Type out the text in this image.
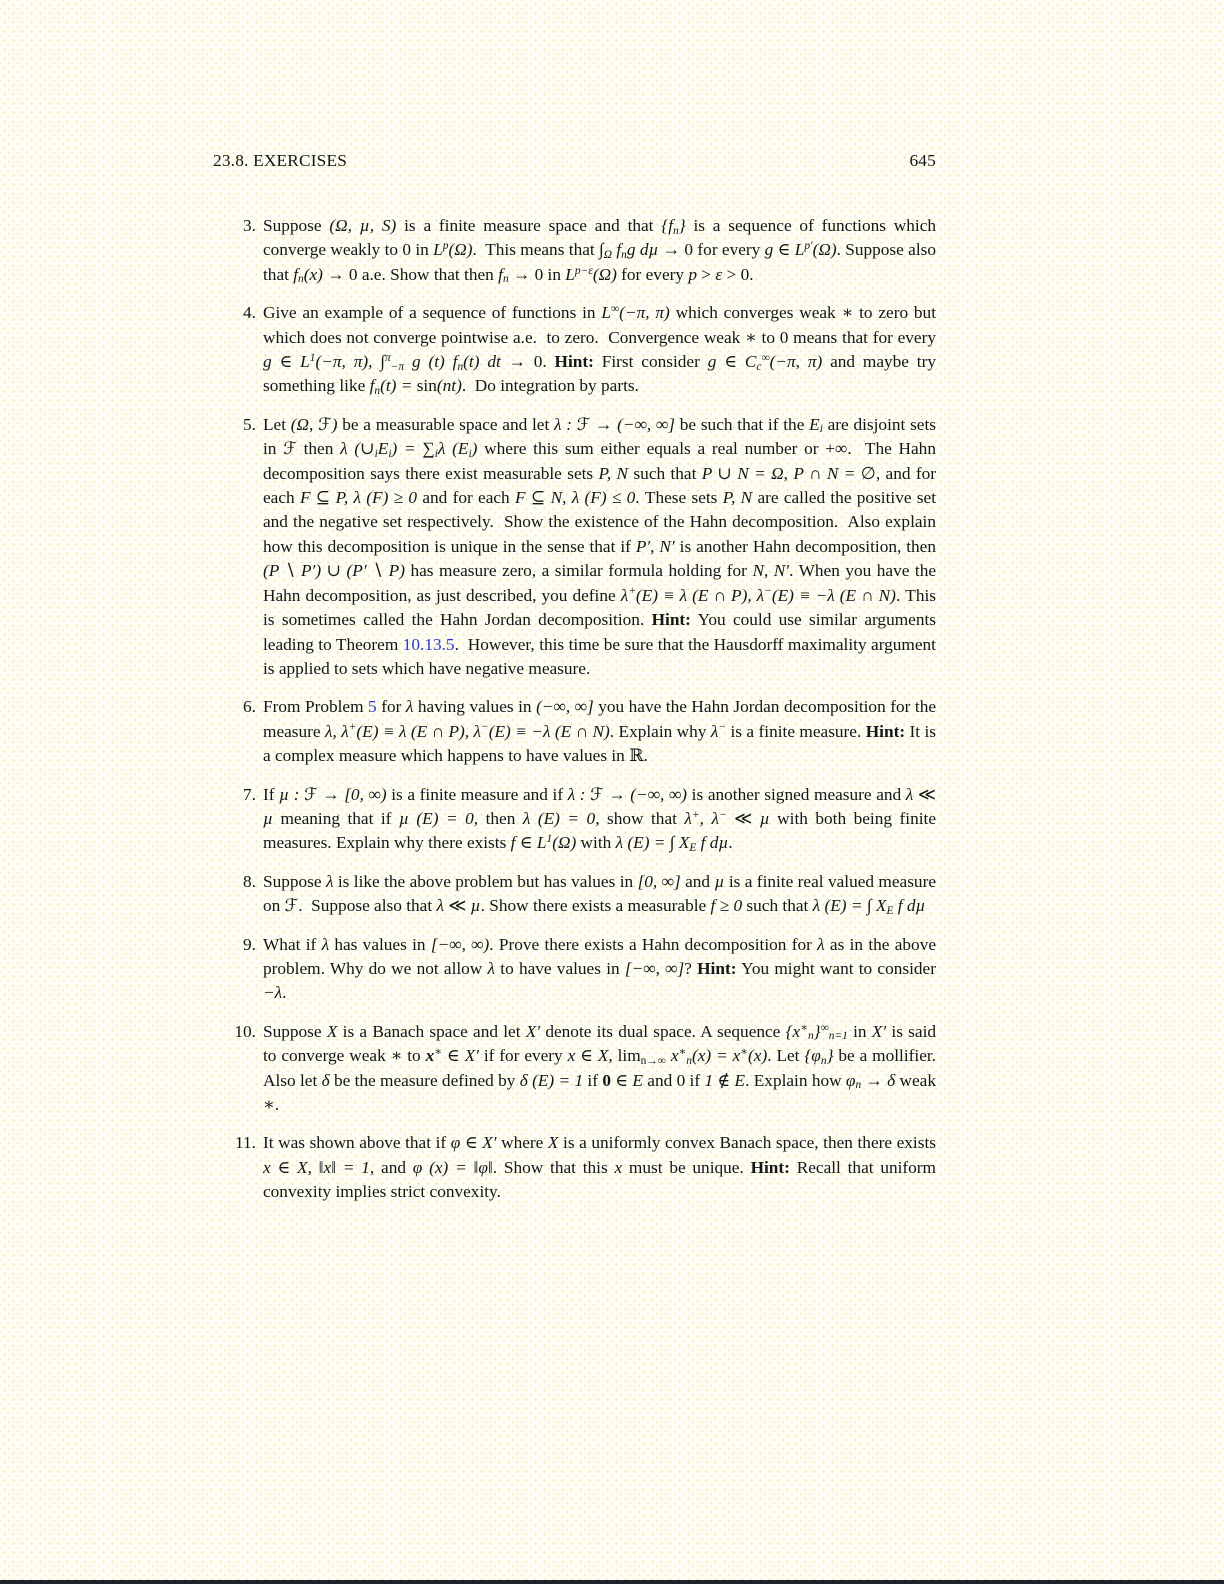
23.8. EXERCISES	645
3. Suppose (Ω, µ, S) is a finite measure space and that {fn} is a sequence of functions which converge weakly to 0 in $L^p(\Omega)$.  This means that ∫Ω fng dµ → 0 for every g ∈ $L^{p'}(\Omega)$. Suppose also that fn(x) → 0 a.e. Show that then fn → 0 in $L^{p-\varepsilon}(\Omega)$ for every p > ε > 0.
4. Give an example of a sequence of functions in L∞(−π, π) which converges weak ∗ to zero but which does not converge pointwise a.e.  to zero.  Convergence weak ∗ to 0 means that for every g ∈ $L^1(-\pi$, π), ∫$^\pi$−π g (t) fn(t) dt → 0. Hint: First consider g ∈ Cc∞(−π, π) and maybe try something like fn(t) = sin(nt).  Do integration by parts.
5. Let (Ω, ℱ) be a measurable space and let λ : ℱ → (−∞, ∞] be such that if the Ei are disjoint sets in ℱ then λ (∪iEi) = ∑iλ (Ei) where this sum either equals a real number or +∞.  The Hahn decomposition says there exist measurable sets P, N such that P ∪ N = Ω, P ∩ N = ∅, and for each F ⊆ P, λ (F) ≥ 0 and for each F ⊆ N, λ (F) ≤ 0. These sets P, N are called the positive set and the negative set respectively.  Show the existence of the Hahn decomposition.  Also explain how this decomposition is unique in the sense that if P′, N′ is another Hahn decomposition, then (P ∖ P′) ∪ (P′ ∖ P) has measure zero, a similar formula holding for N, N′. When you have the Hahn decomposition, as just described, you define λ+(E) ≡ λ (E ∩ P), λ−(E) ≡ −λ (E ∩ N). This is sometimes called the Hahn Jordan decomposition. Hint: You could use similar arguments leading to Theorem 10.13.5.  However, this time be sure that the Hausdorff maximality argument is applied to sets which have negative measure.
6. From Problem 5 for λ having values in (−∞, ∞] you have the Hahn Jordan decomposition for the measure λ, λ+(E) ≡ λ (E ∩ P), λ−(E) ≡ −λ (E ∩ N). Explain why λ− is a finite measure. Hint: It is a complex measure which happens to have values in ℝ.
7. If µ : ℱ → [0, ∞) is a finite measure and if λ : ℱ → (−∞, ∞) is another signed measure and λ ≪ µ meaning that if µ (E) = 0, then λ (E) = 0, show that λ+, λ− ≪ µ with both being finite measures. Explain why there exists f ∈ $L^1(\Omega)$ with λ (E) = ∫ XE f dµ.
8. Suppose λ is like the above problem but has values in [0, ∞] and µ is a finite real valued measure on ℱ.  Suppose also that λ ≪ µ. Show there exists a measurable f ≥ 0 such that λ (E) = ∫ XE f dµ
9. What if λ has values in [−∞, ∞). Prove there exists a Hahn decomposition for λ as in the above problem. Why do we not allow λ to have values in [−∞, ∞]? Hint: You might want to consider −λ.
10. Suppose X is a Banach space and let X′ denote its dual space. A sequence {x∗n}∞n=1 in X′ is said to converge weak ∗ to x∗ ∈ X′ if for every x ∈ X, limn→∞ x∗n(x) = x∗(x). Let {φn} be a mollifier. Also let δ be the measure defined by δ (E) = 1 if 0 ∈ E and 0 if 1 ∉ E. Explain how φn → δ weak ∗.
11. It was shown above that if φ ∈ X′ where X is a uniformly convex Banach space, then there exists x ∈ X, ‖x‖ = 1, and φ (x) = ‖φ‖. Show that this x must be unique. Hint: Recall that uniform convexity implies strict convexity.
